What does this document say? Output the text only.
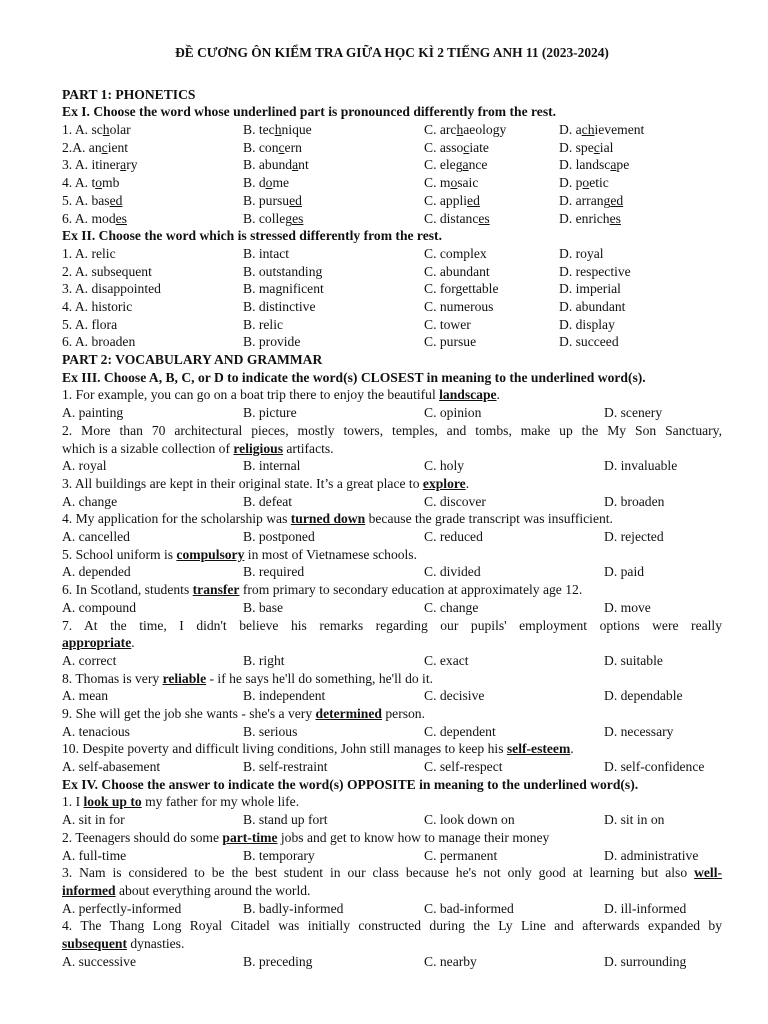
ĐỀ CƯƠNG ÔN KIỂM TRA GIỮA HỌC KÌ 2 TIẾNG ANH 11 (2023-2024)
PART 1: PHONETICS
Ex I. Choose the word whose underlined part is pronounced differently from the rest.
1. A. scholar	B. technique	C. archaeology	D. achievement
2.A. ancient	B. concern	C. associate	D. special
3. A. itinerary	B. abundant	C. elegance	D. landscape
4. A. tomb	B. dome	C. mosaic	D. poetic
5. A. based	B. pursued	C. applied	D. arranged
6. A. modes	B. colleges	C. distances	D. enriches
Ex II. Choose the word which is stressed differently from the rest.
1. A. relic	B. intact	C. complex	D. royal
2. A. subsequent	B. outstanding	C. abundant	D. respective
3. A. disappointed	B. magnificent	C. forgettable	D. imperial
4. A. historic	B. distinctive	C. numerous	D. abundant
5. A. flora	B. relic	C. tower	D. display
6. A. broaden	B. provide	C. pursue	D. succeed
PART 2: VOCABULARY AND GRAMMAR
Ex III. Choose A, B, C, or D to indicate the word(s) CLOSEST in meaning to the underlined word(s).
1. For example, you can go on a boat trip there to enjoy the beautiful landscape.
A. painting	B. picture	C. opinion	D. scenery
2. More than 70 architectural pieces, mostly towers, temples, and tombs, make up the My Son Sanctuary,
which is a sizable collection of religious artifacts.
A. royal	B. internal	C. holy	D. invaluable
3. All buildings are kept in their original state. It’s a great place to explore.
A. change	B. defeat	C. discover	D. broaden
4. My application for the scholarship was turned down because the grade transcript was insufficient.
A. cancelled	B. postponed	C. reduced	D. rejected
5. School uniform is compulsory in most of Vietnamese schools.
A. depended	B. required	C. divided	D. paid
6. In Scotland, students transfer from primary to secondary education at approximately age 12.
A. compound	B. base	C. change	D. move
7. At the time, I didn't believe his remarks regarding our pupils' employment options were really
appropriate.
A. correct	B. right	C. exact	D. suitable
8. Thomas is very reliable - if he says he'll do something, he'll do it.
A. mean	B. independent	C. decisive	D. dependable
9. She will get the job she wants - she's a very determined person.
A. tenacious	B. serious	C. dependent	D. necessary
10. Despite poverty and difficult living conditions, John still manages to keep his self-esteem.
A. self-abasement	B. self-restraint	C. self-respect	D. self-confidence
Ex IV. Choose the answer to indicate the word(s) OPPOSITE in meaning to the underlined word(s).
1. I look up to my father for my whole life.
A. sit in for	B. stand up fort	C. look down on	D. sit in on
2. Teenagers should do some part-time jobs and get to know how to manage their money
A. full-time	B. temporary	C. permanent	D. administrative
3. Nam is considered to be the best student in our class because he's not only good at learning but also well-
informed about everything around the world.
A. perfectly-informed	B. badly-informed	C. bad-informed	D. ill-informed
4. The Thang Long Royal Citadel was initially constructed during the Ly Line and afterwards expanded by
subsequent dynasties.
A. successive	B. preceding	C. nearby	D. surrounding
